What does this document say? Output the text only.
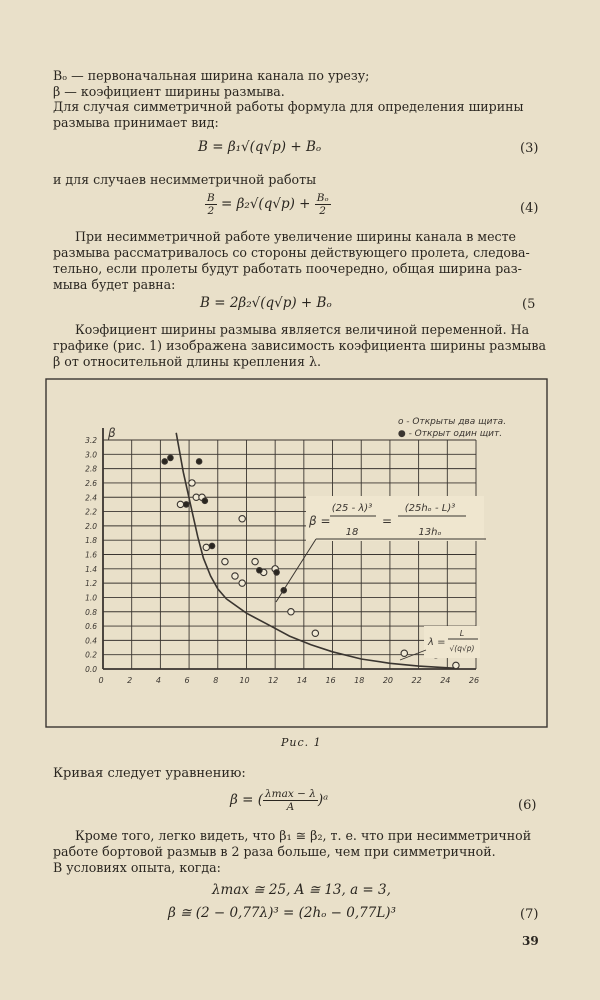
Bₒ — первоначальная ширина канала по урезу;
β — коэфициент ширины размыва.
Для случая симметричной работы формула для определения ширины
размыва принимает вид:
B = β₁√(q√p) + Bₒ	(3)
и для случаев несимметричной работы
$\frac{B}{2} = \beta_2√(q√p) + \frac{\text{Bₒ}}{2}$	(4)
При несимметричной работе увеличение ширины канала в месте
размыва рассматривалось со стороны действующего пролета, следова-
тельно, если пролеты будут работать поочередно, общая ширина раз-
мыва будет равна:
B = 2β₂√(q√p) + Bₒ	(5
Коэфициент ширины размыва является величиной переменной. На
графике (рис. 1) изображена зависимость коэфициента ширины размыва
β от относительной длины крепления λ.
0	2	4	6	8	10 12 14 16 18 20 22 24 26
0.0
0.2
0.4
0.6
0.8
1.0
1.2
1.4
1.6
1.8
2.0
2.2
2.4
2.6
2.8
3.0
3.2
β
о - Открыты два щита.
● - Открыт один щит.
β =
(25 - λ)³
18
=
(25hₒ - L)³
13hₒ
λ =
L
√(q√p)
Рис. 1
Кривая следует уравнению:
β = ( $\frac{\lambda\max - \lambda}{A}$ )ᵃ	(6)
Кроме того, легко видеть, что β₁ ≅ β₂, т. е. что при несимметричной
работе бортовой размыв в 2 раза больше, чем при симметричной.
В условиях опыта, когда:
λmax ≅ 25, A ≅ 13, a = 3,
β ≅ (2 − 0,77λ)³ = (2hₒ − 0,77L)³	(7)
39
